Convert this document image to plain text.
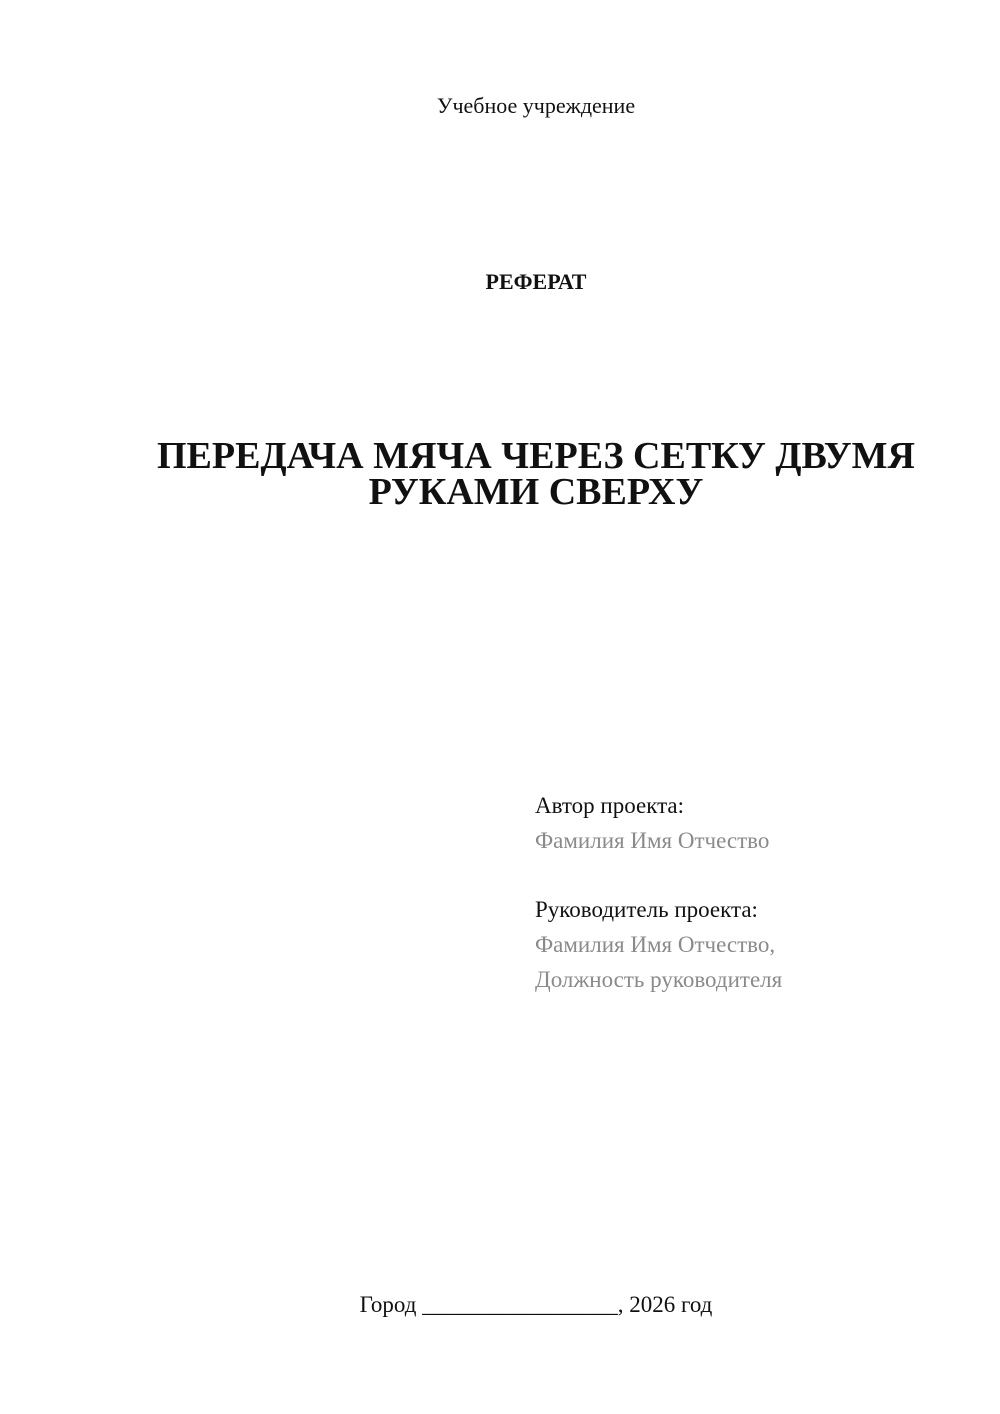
Учебное учреждение
РЕФЕРАТ
ПЕРЕДАЧА МЯЧА ЧЕРЕЗ СЕТКУ ДВУМЯ
РУКАМИ СВЕРХУ
Автор проекта:
Фамилия Имя Отчество
Руководитель проекта:
Фамилия Имя Отчество,
Должность руководителя
Город _________________, 2026 год
